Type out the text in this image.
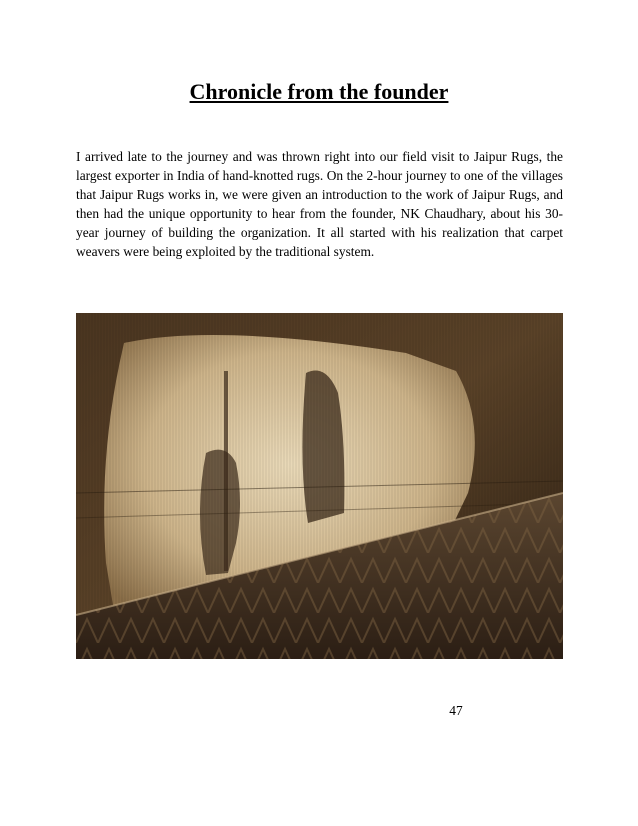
Chronicle from the founder

I arrived late to the journey and was thrown right into our field visit to Jaipur Rugs, the largest exporter in India of hand-knotted rugs. On the 2-hour journey to one of the villages that Jaipur Rugs works in, we were given an introduction to the work of Jaipur Rugs, and then had the unique opportunity to hear from the founder, NK Chaudhary, about his 30-year journey of building the organization. It all started with his realization that carpet weavers were being exploited by the traditional system.

47
